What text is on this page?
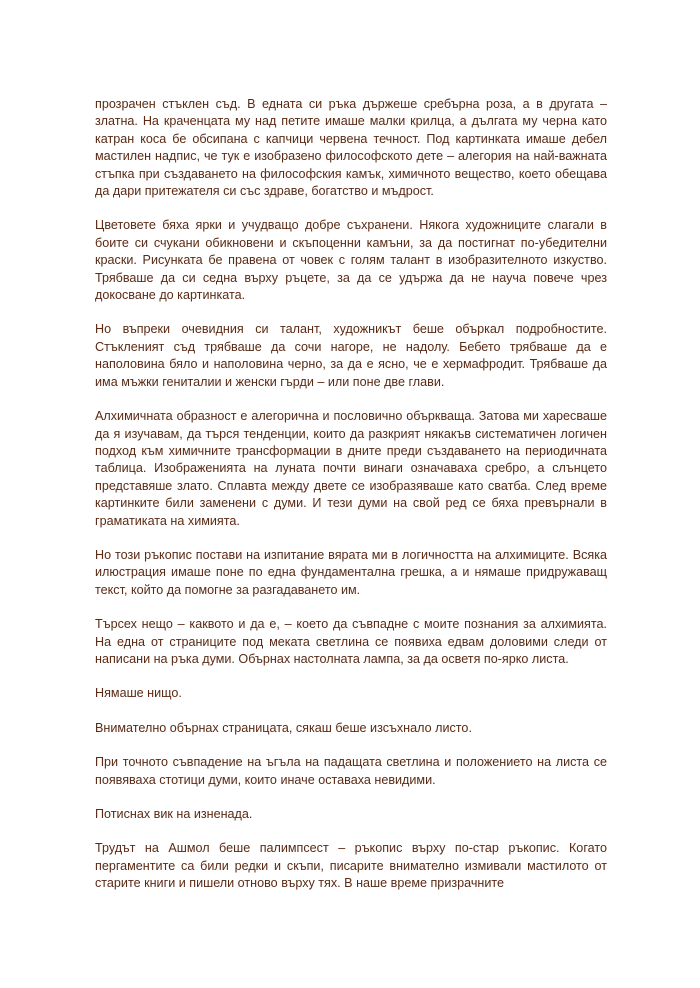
прозрачен стъклен съд. В едната си ръка държеше сребърна роза, а в другата – златна. На краченцата му над петите имаше малки крилца, а дългата му черна като катран коса бе обсипана с капчици червена течност. Под картинката имаше дебел мастилен надпис, че тук е изобразено философското дете – алегория на най-важната стъпка при създаването на философския камък, химичното вещество, което обещава да дари притежателя си със здраве, богатство и мъдрост.

Цветовете бяха ярки и учудващо добре съхранени. Някога художниците слагали в боите си счукани обикновени и скъпоценни камъни, за да постигнат по-убедителни краски. Рисунката бе правена от човек с голям талант в изобразителното изкуство. Трябваше да си седна върху ръцете, за да се удържа да не науча повече чрез докосване до картинката.

Но въпреки очевидния си талант, художникът беше объркал подробностите. Стъкленият съд трябваше да сочи нагоре, не надолу. Бебето трябваше да е наполовина бяло и наполовина черно, за да е ясно, че е хермафродит. Трябваше да има мъжки гениталии и женски гърди – или поне две глави.

Алхимичната образност е алегорична и пословично объркваща. Затова ми харесваше да я изучавам, да търся тенденции, които да разкрият някакъв систематичен логичен подход към химичните трансформации в дните преди създаването на периодичната таблица. Изображенията на луната почти винаги означаваха сребро, а слънцето представяше злато. Сплавта между двете се изобразяваше като сватба. След време картинките били заменени с думи. И тези думи на свой ред се бяха превърнали в граматиката на химията.

Но този ръкопис постави на изпитание вярата ми в логичността на алхимиците. Всяка илюстрация имаше поне по една фундаментална грешка, а и нямаше придружаващ текст, който да помогне за разгадаването им.

Търсех нещо – каквото и да е, – което да съвпадне с моите познания за алхимията. На една от страниците под меката светлина се появиха едвам доловими следи от написани на ръка думи. Обърнах настолната лампа, за да осветя по-ярко листа.

Нямаше нищо.

Внимателно обърнах страницата, сякаш беше изсъхнало листо.

При точното съвпадение на ъгъла на падащата светлина и положението на листа се появяваха стотици думи, които иначе оставаха невидими.

Потиснах вик на изненада.

Трудът на Ашмол беше палимпсест – ръкопис върху по-стар ръкопис. Когато пергаментите са били редки и скъпи, писарите внимателно измивали мастилото от старите книги и пишели отново върху тях. В наше време призрачните
